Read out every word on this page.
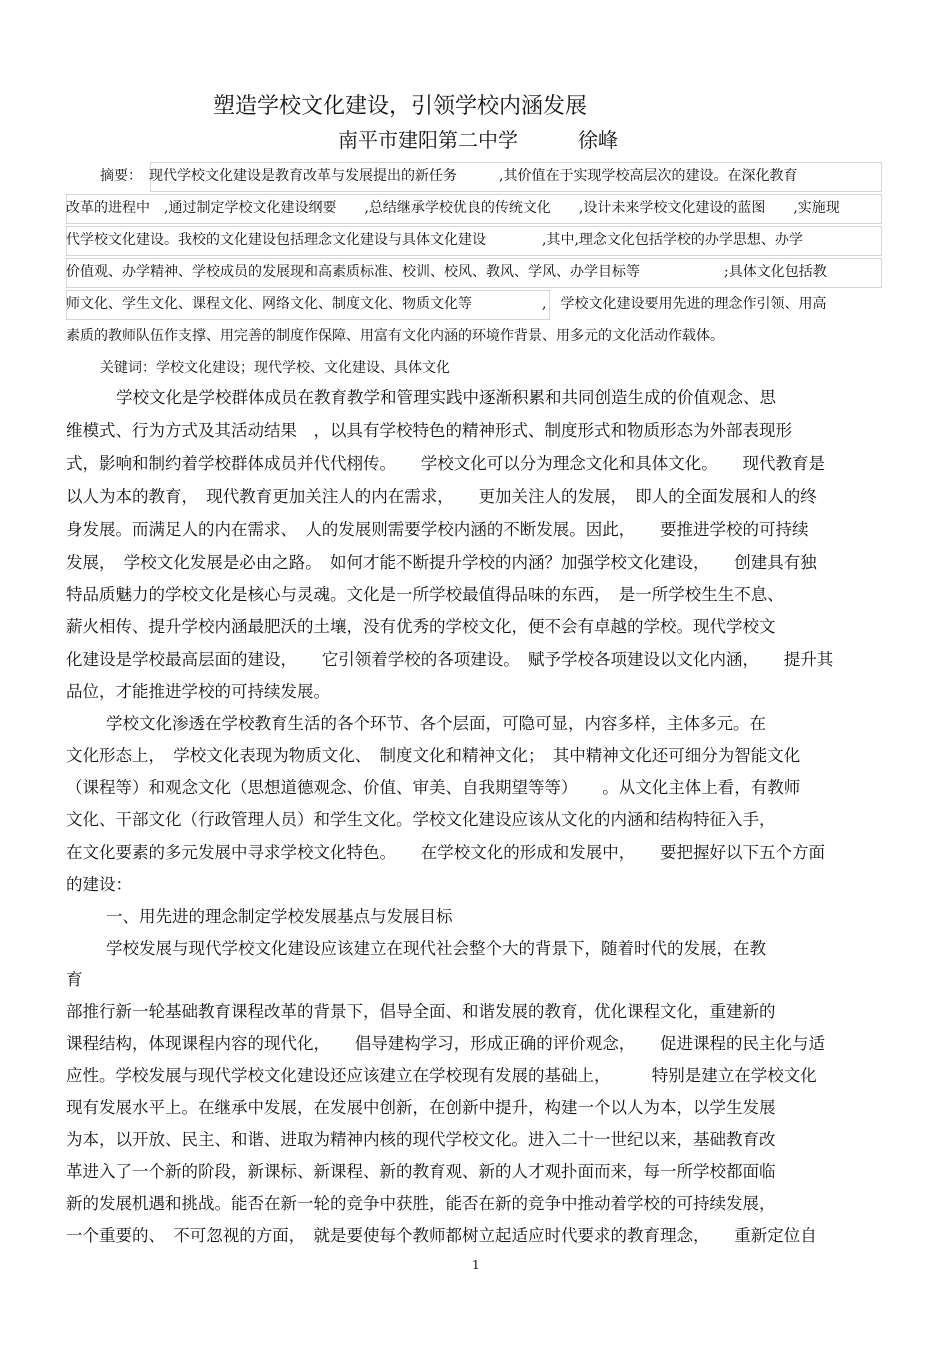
塑造学校文化建设，引领学校内涵发展
南平市建阳第二中学　　　徐峰
摘要：　现代学校文化建设是教育改革与发展提出的新任务　　　,其价值在于实现学校高层次的建设。在深化教育
改革的进程中　,通过制定学校文化建设纲要　　,总结继承学校优良的传统文化　　,设计未来学校文化建设的蓝图　　,实施现
代学校文化建设。我校的文化建设包括理念文化建设与具体文化建设　　　　,其中,理念文化包括学校的办学思想、办学
价值观、办学精神、学校成员的发展现和高素质标准、校训、校风、教风、学风、办学目标等　　　　　　;具体文化包括教
师文化、学生文化、课程文化、网络文化、制度文化、物质文化等　　　　　,　学校文化建设要用先进的理念作引领、用高
素质的教师队伍作支撑、用完善的制度作保障、用富有文化内涵的环境作背景、用多元的文化活动作载体。
关键词：学校文化建设；现代学校、文化建设、具体文化
学校文化是学校群体成员在教育教学和管理实践中逐渐积累和共同创造生成的价值观念、思
维模式、行为方式及其活动结果　，以具有学校特色的精神形式、制度形式和物质形态为外部表现形
式，影响和制约着学校群体成员并代代栩传。　　学校文化可以分为理念文化和具体文化。　　现代教育是
以人为本的教育，　现代教育更加关注人的内在需求，　　更加关注人的发展，　即人的全面发展和人的终
身发展。而满足人的内在需求、　人的发展则需要学校内涵的不断发展。因此，　　要推进学校的可持续
发展，　学校文化发展是必由之路。　如何才能不断提升学校的内涵？加强学校文化建设，　　创建具有独
特品质魅力的学校文化是核心与灵魂。文化是一所学校最值得品味的东西，　是一所学校生生不息、
薪火相传、提升学校内涵最肥沃的土壤，没有优秀的学校文化，便不会有卓越的学校。现代学校文
化建设是学校最高层面的建设，　　它引领着学校的各项建设。　赋予学校各项建设以文化内涵，　　提升其
品位，才能推进学校的可持续发展。
学校文化渗透在学校教育生活的各个环节、各个层面，可隐可显，内容多样，主体多元。在
文化形态上，　学校文化表现为物质文化、　制度文化和精神文化；　其中精神文化还可细分为智能文化
（课程等）和观念文化（思想道德观念、价值、审美、自我期望等等）　　。从文化主体上看，有教师
文化、干部文化（行政管理人员）和学生文化。学校文化建设应该从文化的内涵和结构特征入手，
在文化要素的多元发展中寻求学校文化特色。　　在学校文化的形成和发展中，　　要把握好以下五个方面
的建设：
一、用先进的理念制定学校发展基点与发展目标
学校发展与现代学校文化建设应该建立在现代社会整个大的背景下，随着时代的发展，在教
育
部推行新一轮基础教育课程改革的背景下，倡导全面、和谐发展的教育，优化课程文化，重建新的
课程结构，体现课程内容的现代化，　　倡导建构学习，形成正确的评价观念，　　促进课程的民主化与适
应性。学校发展与现代学校文化建设还应该建立在学校现有发展的基础上，　　　特别是建立在学校文化
现有发展水平上。在继承中发展，在发展中创新，在创新中提升，构建一个以人为本，以学生发展
为本，以开放、民主、和谐、进取为精神内核的现代学校文化。进入二十一世纪以来，基础教育改
革进入了一个新的阶段，新课标、新课程、新的教育观、新的人才观扑面而来，每一所学校都面临
新的发展机遇和挑战。能否在新一轮的竞争中获胜，能否在新的竞争中推动着学校的可持续发展，
一个重要的、　不可忽视的方面，　就是要使每个教师都树立起适应时代要求的教育理念，　　重新定位自
1
